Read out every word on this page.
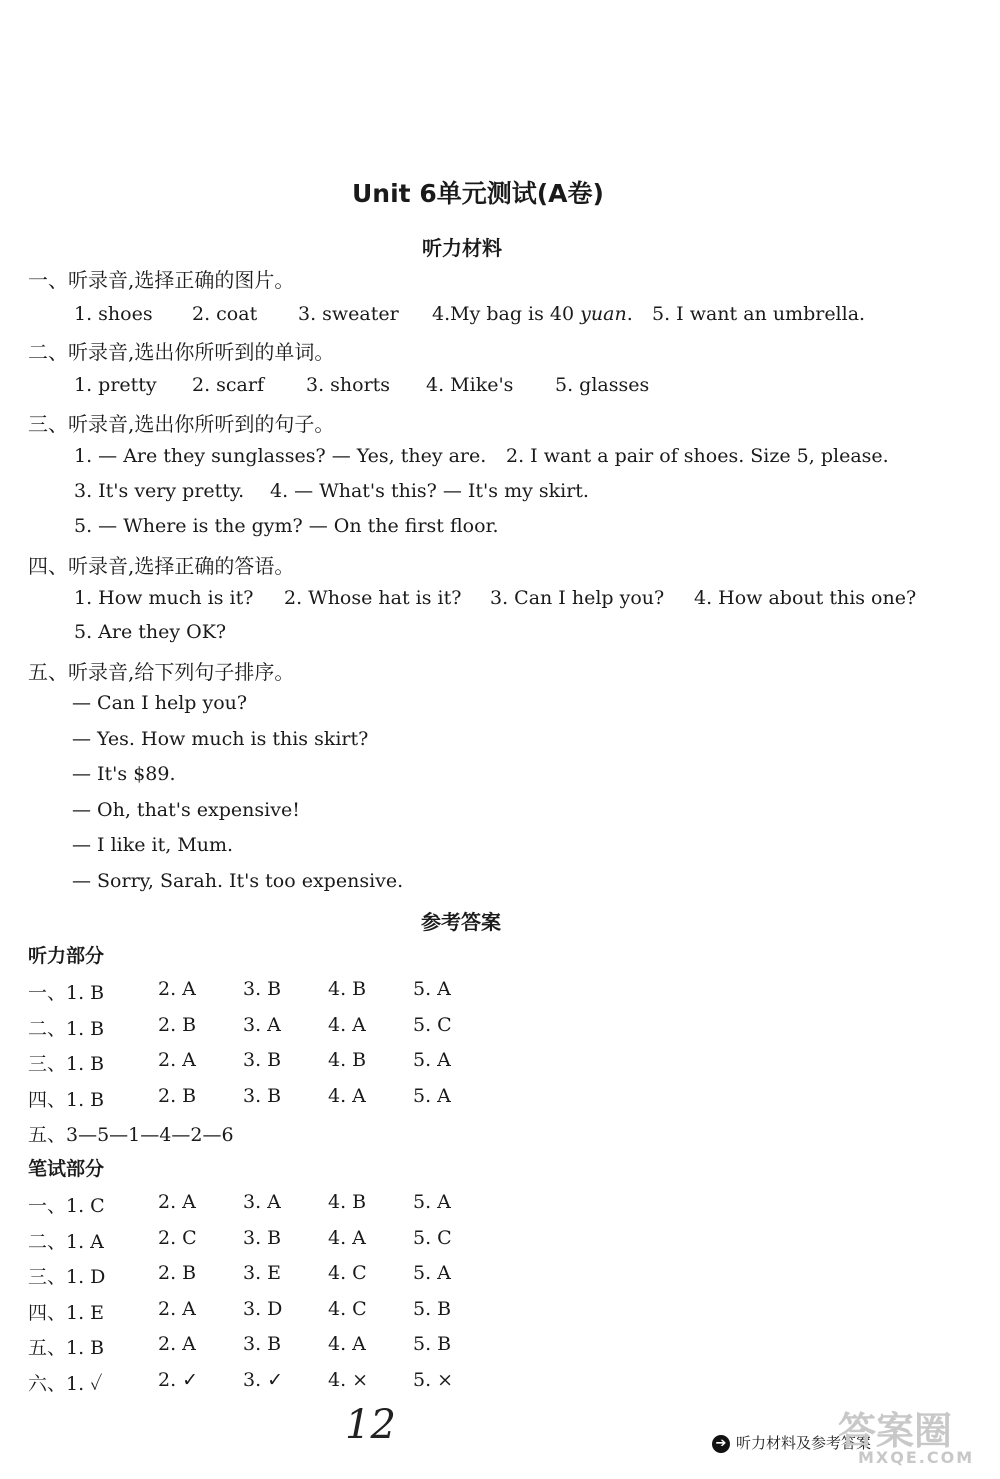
Unit 6单元测试(A卷)
听力材料
一、听录音,选择正确的图片。
1. shoes 2. coat 3. sweater 4.My bag is 40 yuan. 5. I want an umbrella.
二、听录音,选出你所听到的单词。
1. pretty 2. scarf 3. shorts 4. Mike's 5. glasses
三、听录音,选出你所听到的句子。
1. — Are they sunglasses? — Yes, they are. 2. I want a pair of shoes. Size 5, please.
3. It's very pretty. 4. — What's this? — It's my skirt.
5. — Where is the gym? — On the first floor.
四、听录音,选择正确的答语。
1. How much is it? 2. Whose hat is it? 3. Can I help you? 4. How about this one?
5. Are they OK?
五、听录音,给下列句子排序。
— Can I help you?
— Yes. How much is this skirt?
— It's $89.
— Oh, that's expensive!
— I like it, Mum.
— Sorry, Sarah. It's too expensive.
参考答案
听力部分
一、1. B	2. A 3. B 4. B 5. A
二、1. B	2. B 3. A 4. A 5. C
三、1. B	2. A 3. B 4. B 5. A
四、1. B	2. B 3. B 4. A 5. A
五、3—5—1—4—2—6
笔试部分
一、1. C	2. A 3. A 4. B 5. A
二、1. A	2. C 3. B 4. A 5. C
三、1. D	2. B 3. E 4. C 5. A
四、1. E	2. A 3. D 4. C 5. B
五、1. B	2. A 3. B 4. A 5. B
六、1. ✓	2. ✓ 3. ✓ 4. × 5. ×
12	➔ 听力材料及参考答案
答案圈
MXQE.COM
